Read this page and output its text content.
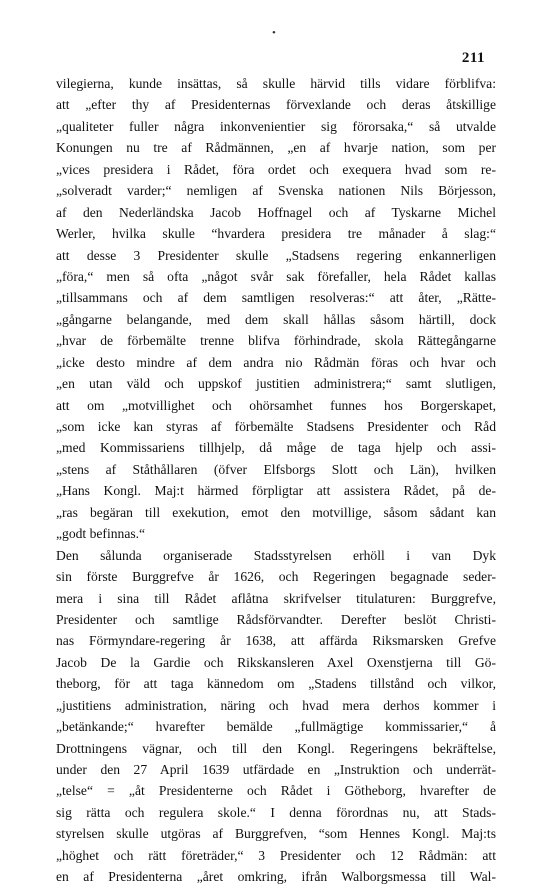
•
211
vilegierna, kunde insättas, så skulle härvid tills vidare förblifva:
att „efter thy af Presidenternas förvexlande och deras åtskillige
„qualiteter fuller några inkonvenientier sig förorsaka,“ så utvalde
Konungen nu tre af Rådmännen, „en af hvarje nation, som per
„vices presidera i Rådet, föra ordet och exequera hvad som re-
„solveradt varder;“ nemligen af Svenska nationen Nils Börjesson,
af den Nederländska Jacob Hoffnagel och af Tyskarne Michel
Werler, hvilka skulle “hvardera presidera tre månader å slag:“
att desse 3 Presidenter skulle „Stadsens regering enkannerligen
„föra,“ men så ofta „något svår sak förefaller, hela Rådet kallas
„tillsammans och af dem samtligen resolveras:“ att åter, „Rätte-
„gångarne belangande, med dem skall hållas såsom härtill, dock
„hvar de förbemälte trenne blifva förhindrade, skola Rättegångarne
„icke desto mindre af dem andra nio Rådmän föras och hvar och
„en utan väld och uppskof justitien administrera;“ samt slutligen,
att om „motvillighet och ohörsamhet funnes hos Borgerskapet,
„som icke kan styras af förbemälte Stadsens Presidenter och Råd
„med Kommissariens tillhjelp, då måge de taga hjelp och assi-
„stens af Ståthållaren (öfver Elfsborgs Slott och Län), hvilken
„Hans Kongl. Maj:t härmed förpligtar att assistera Rådet, på de-
„ras begäran till exekution, emot den motvillige, såsom sådant kan
„godt befinnas.“
Den sålunda organiserade Stadsstyrelsen erhöll i van Dyk
sin förste Burggrefve år 1626, och Regeringen begagnade seder-
mera i sina till Rådet aflåtna skrifvelser titulaturen: Burggrefve,
Presidenter och samtlige Rådsförvandter. Derefter beslöt Christi-
nas Förmyndare-regering år 1638, att affärda Riksmarsken Grefve
Jacob De la Gardie och Rikskansleren Axel Oxenstjerna till Gö-
theborg, för att taga kännedom om „Stadens tillstånd och vilkor,
„justitiens administration, näring och hvad mera derhos kommer i
„betänkande;“ hvarefter bemälde „fullmägtige kommissarier,“ å
Drottningens vägnar, och till den Kongl. Regeringens bekräftelse,
under den 27 April 1639 utfärdade en „Instruktion och underrät-
„telse“ = „åt Presidenterne och Rådet i Götheborg, hvarefter de
sig rätta och regulera skole.“ I denna förordnas nu, att Stads-
styrelsen skulle utgöras af Burggrefven, “som Hennes Kongl. Maj:ts
„höghet och rätt företräder,“ 3 Presidenter och 12 Rådmän: att
en af Presidenterna „året omkring, ifrån Walborgsmessa till Wal-
